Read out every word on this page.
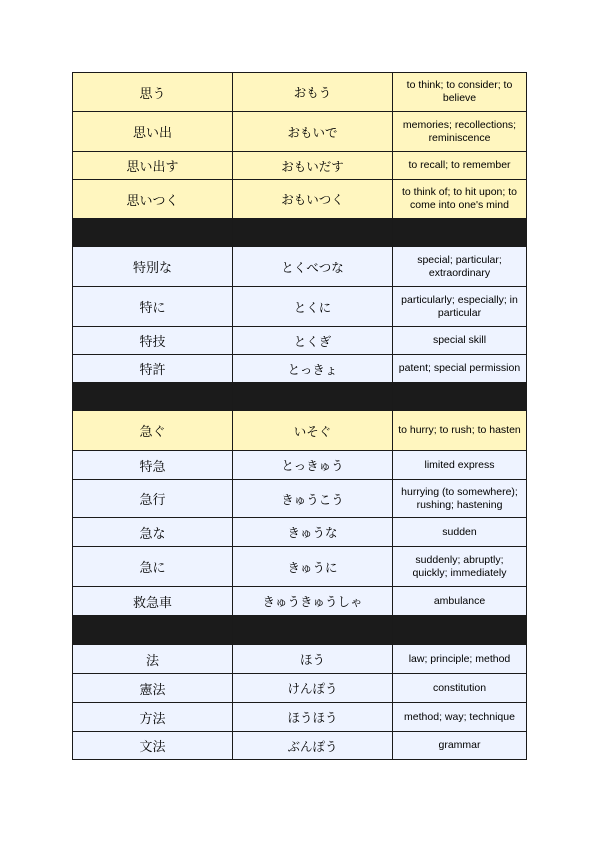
思う	おもう	to think; to consider; to believe
思い出	おもいで	memories; recollections; reminiscence
思い出す	おもいだす	to recall; to remember
思いつく	おもいつく	to think of; to hit upon; to come into one's mind

特別な	とくべつな	special; particular; extraordinary
特に	とくに	particularly; especially; in particular
特技	とくぎ	special skill
特許	とっきょ	patent; special permission

急ぐ	いそぐ	to hurry; to rush; to hasten
特急	とっきゅう	limited express
急行	きゅうこう	hurrying (to somewhere); rushing; hastening
急な	きゅうな	sudden
急に	きゅうに	suddenly; abruptly; quickly; immediately
救急車	きゅうきゅうしゃ	ambulance

法	ほう	law; principle; method
憲法	けんぽう	constitution
方法	ほうほう	method; way; technique
文法	ぶんぽう	grammar
